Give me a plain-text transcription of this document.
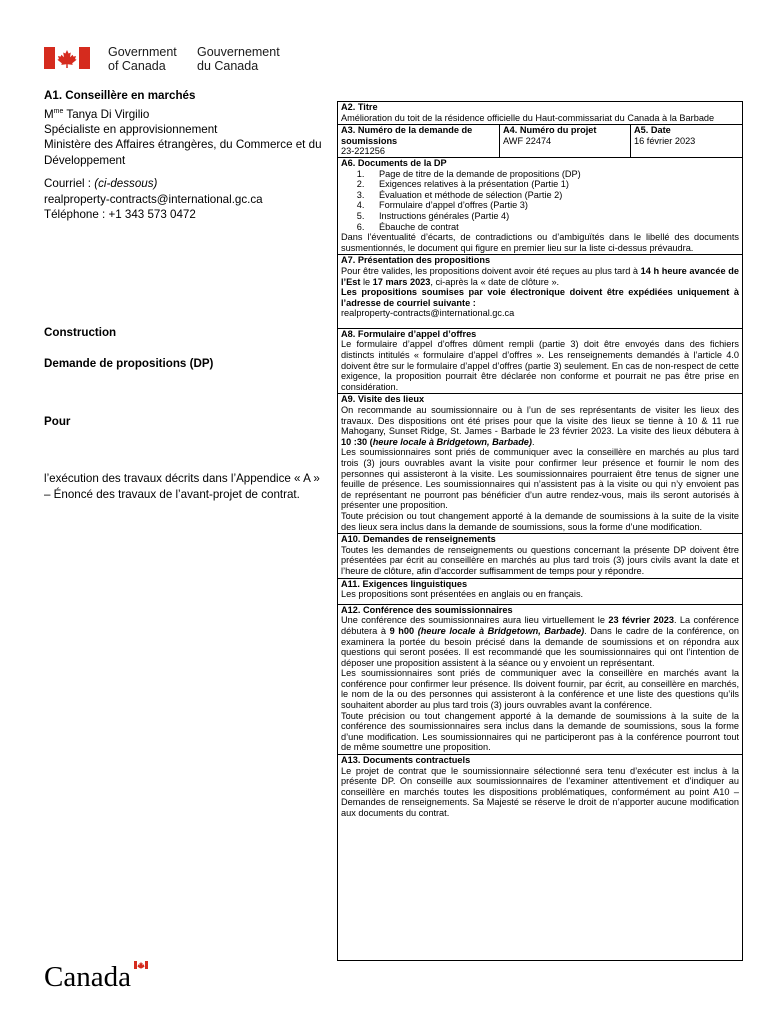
Government
of Canada
Gouvernement
du Canada
A1. Conseillère en marchés
$M^{me}$ Tanya Di Virgilio
Spécialiste en approvisionnement
Ministère des Affaires étrangères, du Commerce et du Développement
Courriel : (ci-dessous)
realproperty-contracts@international.gc.ca
Téléphone : +1 343 573 0472
Construction
Demande de propositions (DP)
Pour
l’exécution des travaux décrits dans l’Appendice « A » – Énoncé des travaux de l’avant-projet de contrat.
A2. Titre
Amélioration du toit de la résidence officielle du Haut-commissariat du Canada à la Barbade
A3. Numéro de la demande de soumissions
23-221256
A4. Numéro du projet
AWF 22474
A5. Date
16 février 2023
A6. Documents de la DP
1. Page de titre de la demande de propositions (DP)
2. Exigences relatives à la présentation (Partie 1)
3. Évaluation et méthode de sélection (Partie 2)
4. Formulaire d’appel d’offres (Partie 3)
5. Instructions générales (Partie 4)
6. Ébauche de contrat
Dans l’éventualité d’écarts, de contradictions ou d’ambiguïtés dans le libellé des documents susmentionnés, le document qui figure en premier lieu sur la liste ci-dessus prévaudra.
A7. Présentation des propositions
Pour être valides, les propositions doivent avoir été reçues au plus tard à 14 h heure avancée de l’Est le 17 mars 2023, ci-après la « date de clôture ».
Les propositions soumises par voie électronique doivent être expédiées uniquement à l’adresse de courriel suivante :
realproperty-contracts@international.gc.ca
A8. Formulaire d’appel d’offres
Le formulaire d’appel d’offres dûment rempli (partie 3) doit être envoyés dans des fichiers distincts intitulés « formulaire d’appel d’offres ». Les renseignements demandés à l’article 4.0 doivent être sur le formulaire d’appel d’offres (partie 3) seulement. En cas de non-respect de cette exigence, la proposition pourrait être déclarée non conforme et pourrait ne pas être prise en considération.
A9. Visite des lieux
On recommande au soumissionnaire ou à l’un de ses représentants de visiter les lieux des travaux. Des dispositions ont été prises pour que la visite des lieux se tienne à 10 & 11 rue Mahogany, Sunset Ridge, St. James - Barbade le 23 février 2023. La visite des lieux débutera à 10 :30 (heure locale à Bridgetown, Barbade).
Les soumissionnaires sont priés de communiquer avec la conseillère en marchés au plus tard trois (3) jours ouvrables avant la visite pour confirmer leur présence et fournir le nom des personnes qui assisteront à la visite. Les soumissionnaires pourraient être tenus de signer une feuille de présence. Les soumissionnaires qui n’assistent pas à la visite ou qui n’y envoient pas de représentant ne pourront pas bénéficier d’un autre rendez-vous, mais ils seront autorisés à présenter une proposition.
Toute précision ou tout changement apporté à la demande de soumissions à la suite de la visite des lieux sera inclus dans la demande de soumissions, sous la forme d’une modification.
A10. Demandes de renseignements
Toutes les demandes de renseignements ou questions concernant la présente DP doivent être présentées par écrit au conseillère en marchés au plus tard trois (3) jours civils avant la date et l’heure de clôture, afin d’accorder suffisamment de temps pour y répondre.
A11. Exigences linguistiques
Les propositions sont présentées en anglais ou en français.
A12. Conférence des soumissionnaires
Une conférence des soumissionnaires aura lieu virtuellement le 23 février 2023. La conférence débutera à 9 h00 (heure locale à Bridgetown, Barbade). Dans le cadre de la conférence, on examinera la portée du besoin précisé dans la demande de soumissions et on répondra aux questions qui seront posées. Il est recommandé que les soumissionnaires qui ont l’intention de déposer une proposition assistent à la séance ou y envoient un représentant.
Les soumissionnaires sont priés de communiquer avec la conseillère en marchés avant la conférence pour confirmer leur présence. Ils doivent fournir, par écrit, au conseillère en marchés, le nom de la ou des personnes qui assisteront à la conférence et une liste des questions qu’ils souhaitent aborder au plus tard trois (3) jours ouvrables avant la conférence.
Toute précision ou tout changement apporté à la demande de soumissions à la suite de la conférence des soumissionnaires sera inclus dans la demande de soumissions, sous la forme d’une modification. Les soumissionnaires qui ne participeront pas à la conférence pourront tout de même soumettre une proposition.
A13. Documents contractuels
Le projet de contrat que le soumissionnaire sélectionné sera tenu d’exécuter est inclus à la présente DP. On conseille aux soumissionnaires de l’examiner attentivement et d’indiquer au conseillère en marchés toutes les dispositions problématiques, conformément au point A10 – Demandes de renseignements. Sa Majesté se réserve le droit de n’apporter aucune modification aux documents du contrat.
Canada
